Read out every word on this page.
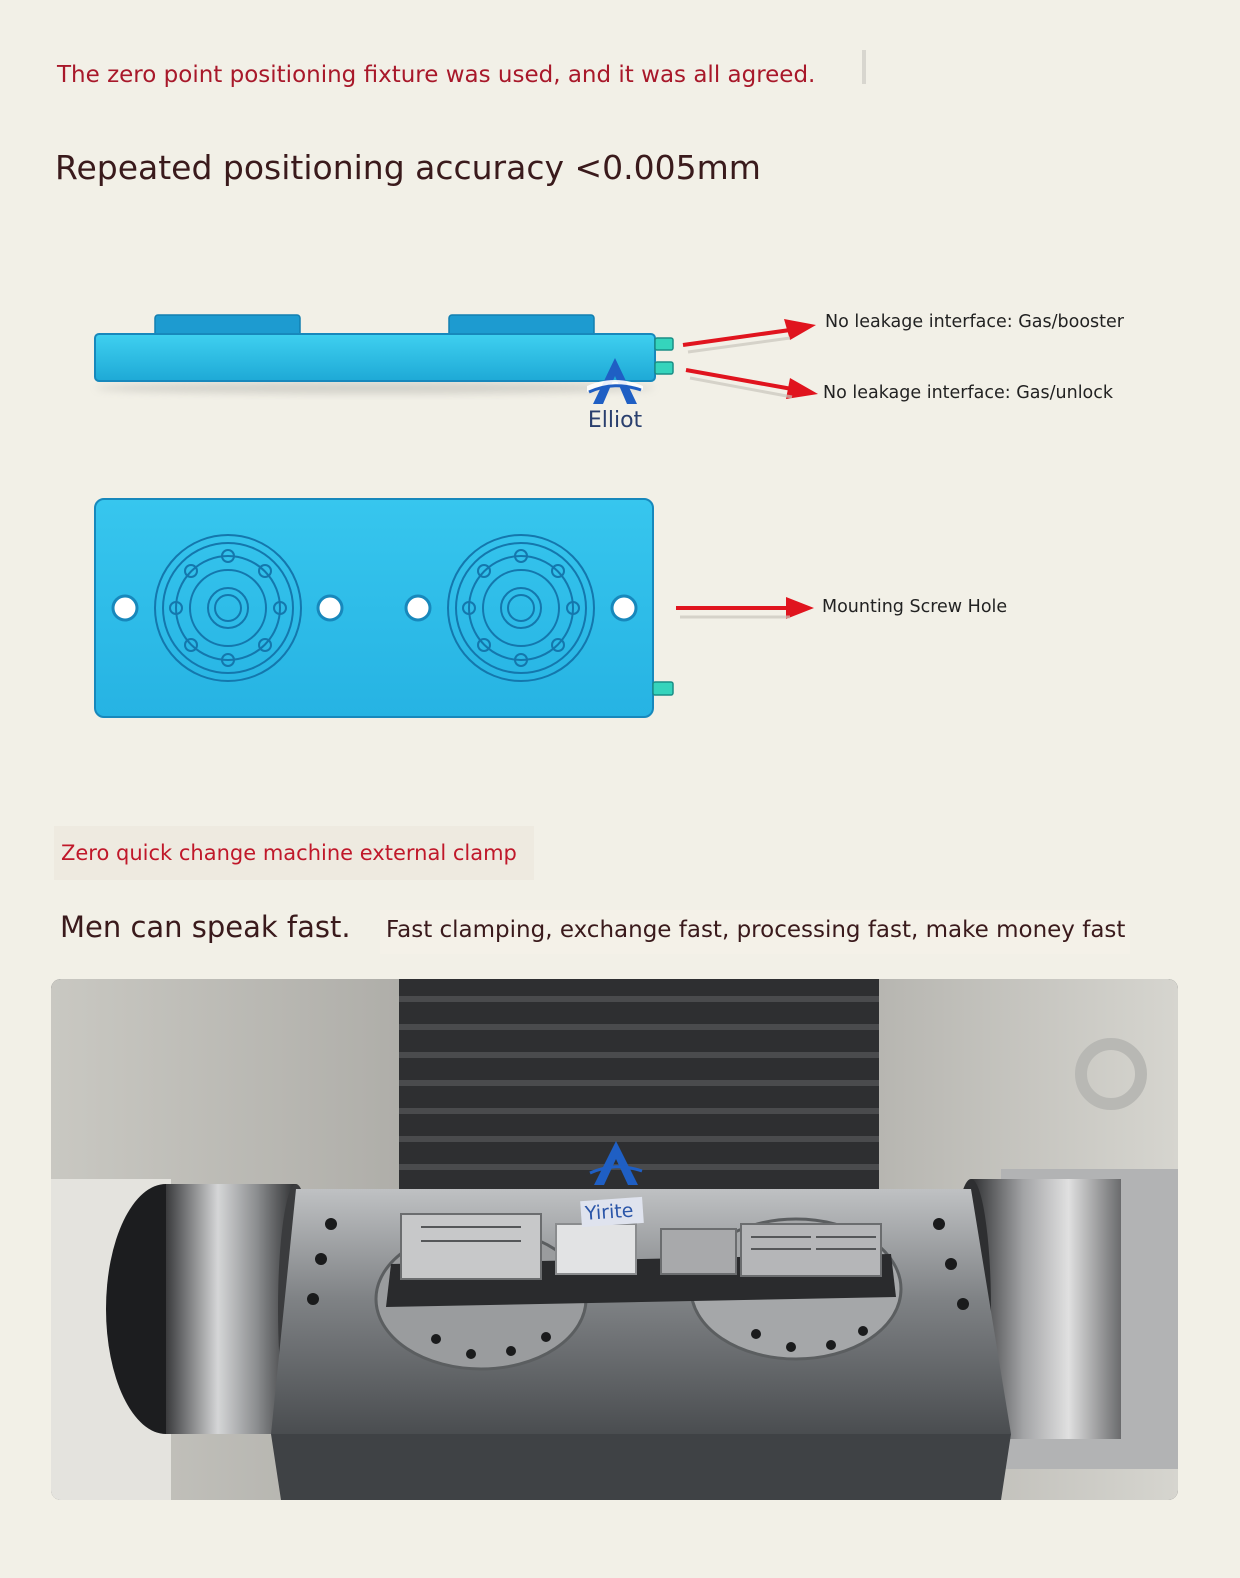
The zero point positioning fixture was used, and it was all agreed.
Repeated positioning accuracy <0.005mm
No leakage interface: Gas/booster
No leakage interface: Gas/unlock
Elliot
Mounting Screw Hole
Zero quick change machine external clamp
Men can speak fast. Fast clamping, exchange fast, processing fast, make money fast
Yirite
